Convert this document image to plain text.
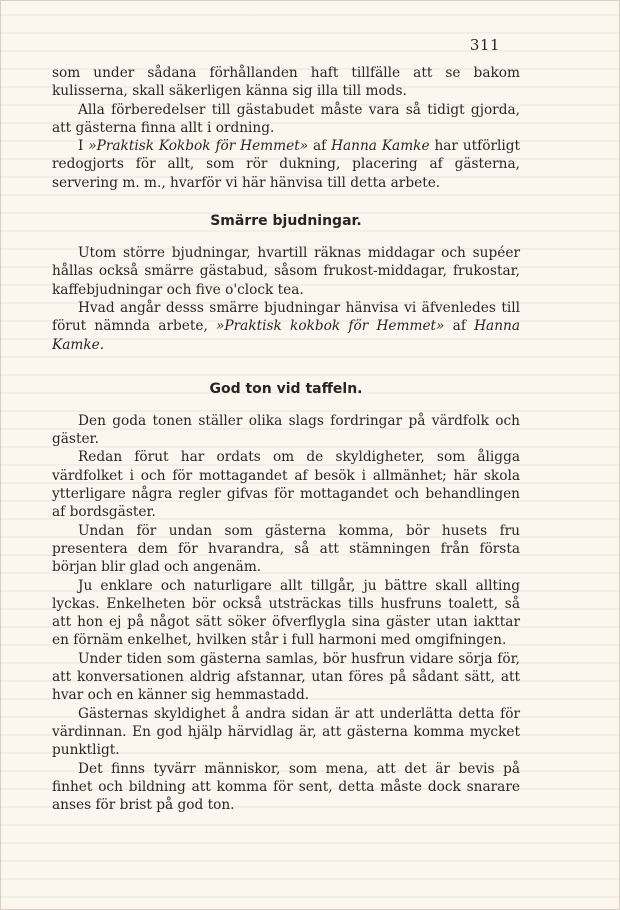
311

som under sådana förhållanden haft tillfälle att se bakom kulisserna, skall säkerligen känna sig illa till mods.

Alla förberedelser till gästabudet måste vara så tidigt gjorda, att gästerna finna allt i ordning.

I »Praktisk Kokbok för Hemmet» af Hanna Kamke har utförligt redogjorts för allt, som rör dukning, placering af gästerna, servering m. m., hvarför vi här hänvisa till detta arbete.

Smärre bjudningar.

Utom större bjudningar, hvartill räknas middagar och supéer hållas också smärre gästabud, såsom frukost-middagar, frukostar, kaffebjudningar och five o'clock tea.

Hvad angår desss smärre bjudningar hänvisa vi äfvenledes till förut nämnda arbete, »Praktisk kokbok för Hemmet» af Hanna Kamke.

God ton vid taffeln.

Den goda tonen ställer olika slags fordringar på värdfolk och gäster.

Redan förut har ordats om de skyldigheter, som åligga värdfolket i och för mottagandet af besök i allmänhet; här skola ytterligare några regler gifvas för mottagandet och behandlingen af bordsgäster.

Undan för undan som gästerna komma, bör husets fru presentera dem för hvarandra, så att stämningen från första början blir glad och angenäm.

Ju enklare och naturligare allt tillgår, ju bättre skall allting lyckas. Enkelheten bör också utsträckas tills husfruns toalett, så att hon ej på något sätt söker öfverflygla sina gäster utan iakttar en förnäm enkelhet, hvilken står i full harmoni med omgifningen.

Under tiden som gästerna samlas, bör husfrun vidare sörja för, att konversationen aldrig afstannar, utan föres på sådant sätt, att hvar och en känner sig hemmastadd.

Gästernas skyldighet å andra sidan är att underlätta detta för värdinnan. En god hjälp härvidlag är, att gästerna komma mycket punktligt.

Det finns tyvärr människor, som mena, att det är bevis på finhet och bildning att komma för sent, detta måste dock snarare anses för brist på god ton.
